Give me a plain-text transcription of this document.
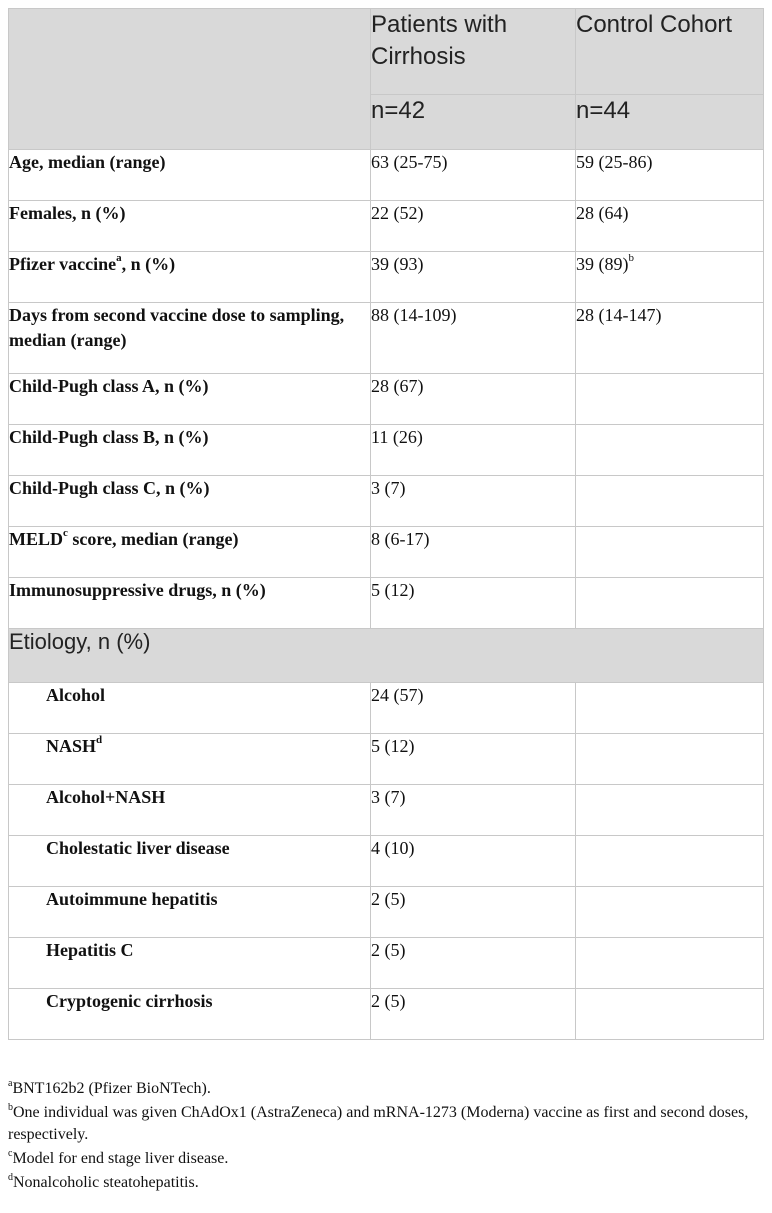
	Patients with Cirrhosis	Control Cohort
	n=42	n=44
Age, median (range)	63 (25-75)	59 (25-86)
Females, n (%)	22 (52)	28 (64)
Pfizer vaccine$^a$, n (%)	39 (93)	39 $(89)^b$
Days from second vaccine dose to sampling, median (range)	88 (14-109)	28 (14-147)
Child-Pugh class A, n (%)	28 (67)	
Child-Pugh class B, n (%)	11 (26)	
Child-Pugh class C, n (%)	3 (7)	
MELD$^c$ score, median (range)	8 (6-17)	
Immunosuppressive drugs, n (%)	5 (12)	
Etiology, n (%)		
Alcohol	24 (57)	
NASH$^d$	5 (12)	
Alcohol+NASH	3 (7)	
Cholestatic liver disease	4 (10)	
Autoimmune hepatitis	2 (5)	
Hepatitis C	2 (5)	
Cryptogenic cirrhosis	2 (5)	

$^a$BNT162b2 (Pfizer BioNTech).

$^b$One individual was given ChAdOx1 (AstraZeneca) and mRNA-1273 (Moderna) vaccine as first and second doses, respectively.

$^c$Model for end stage liver disease.

$^d$Nonalcoholic steatohepatitis.
